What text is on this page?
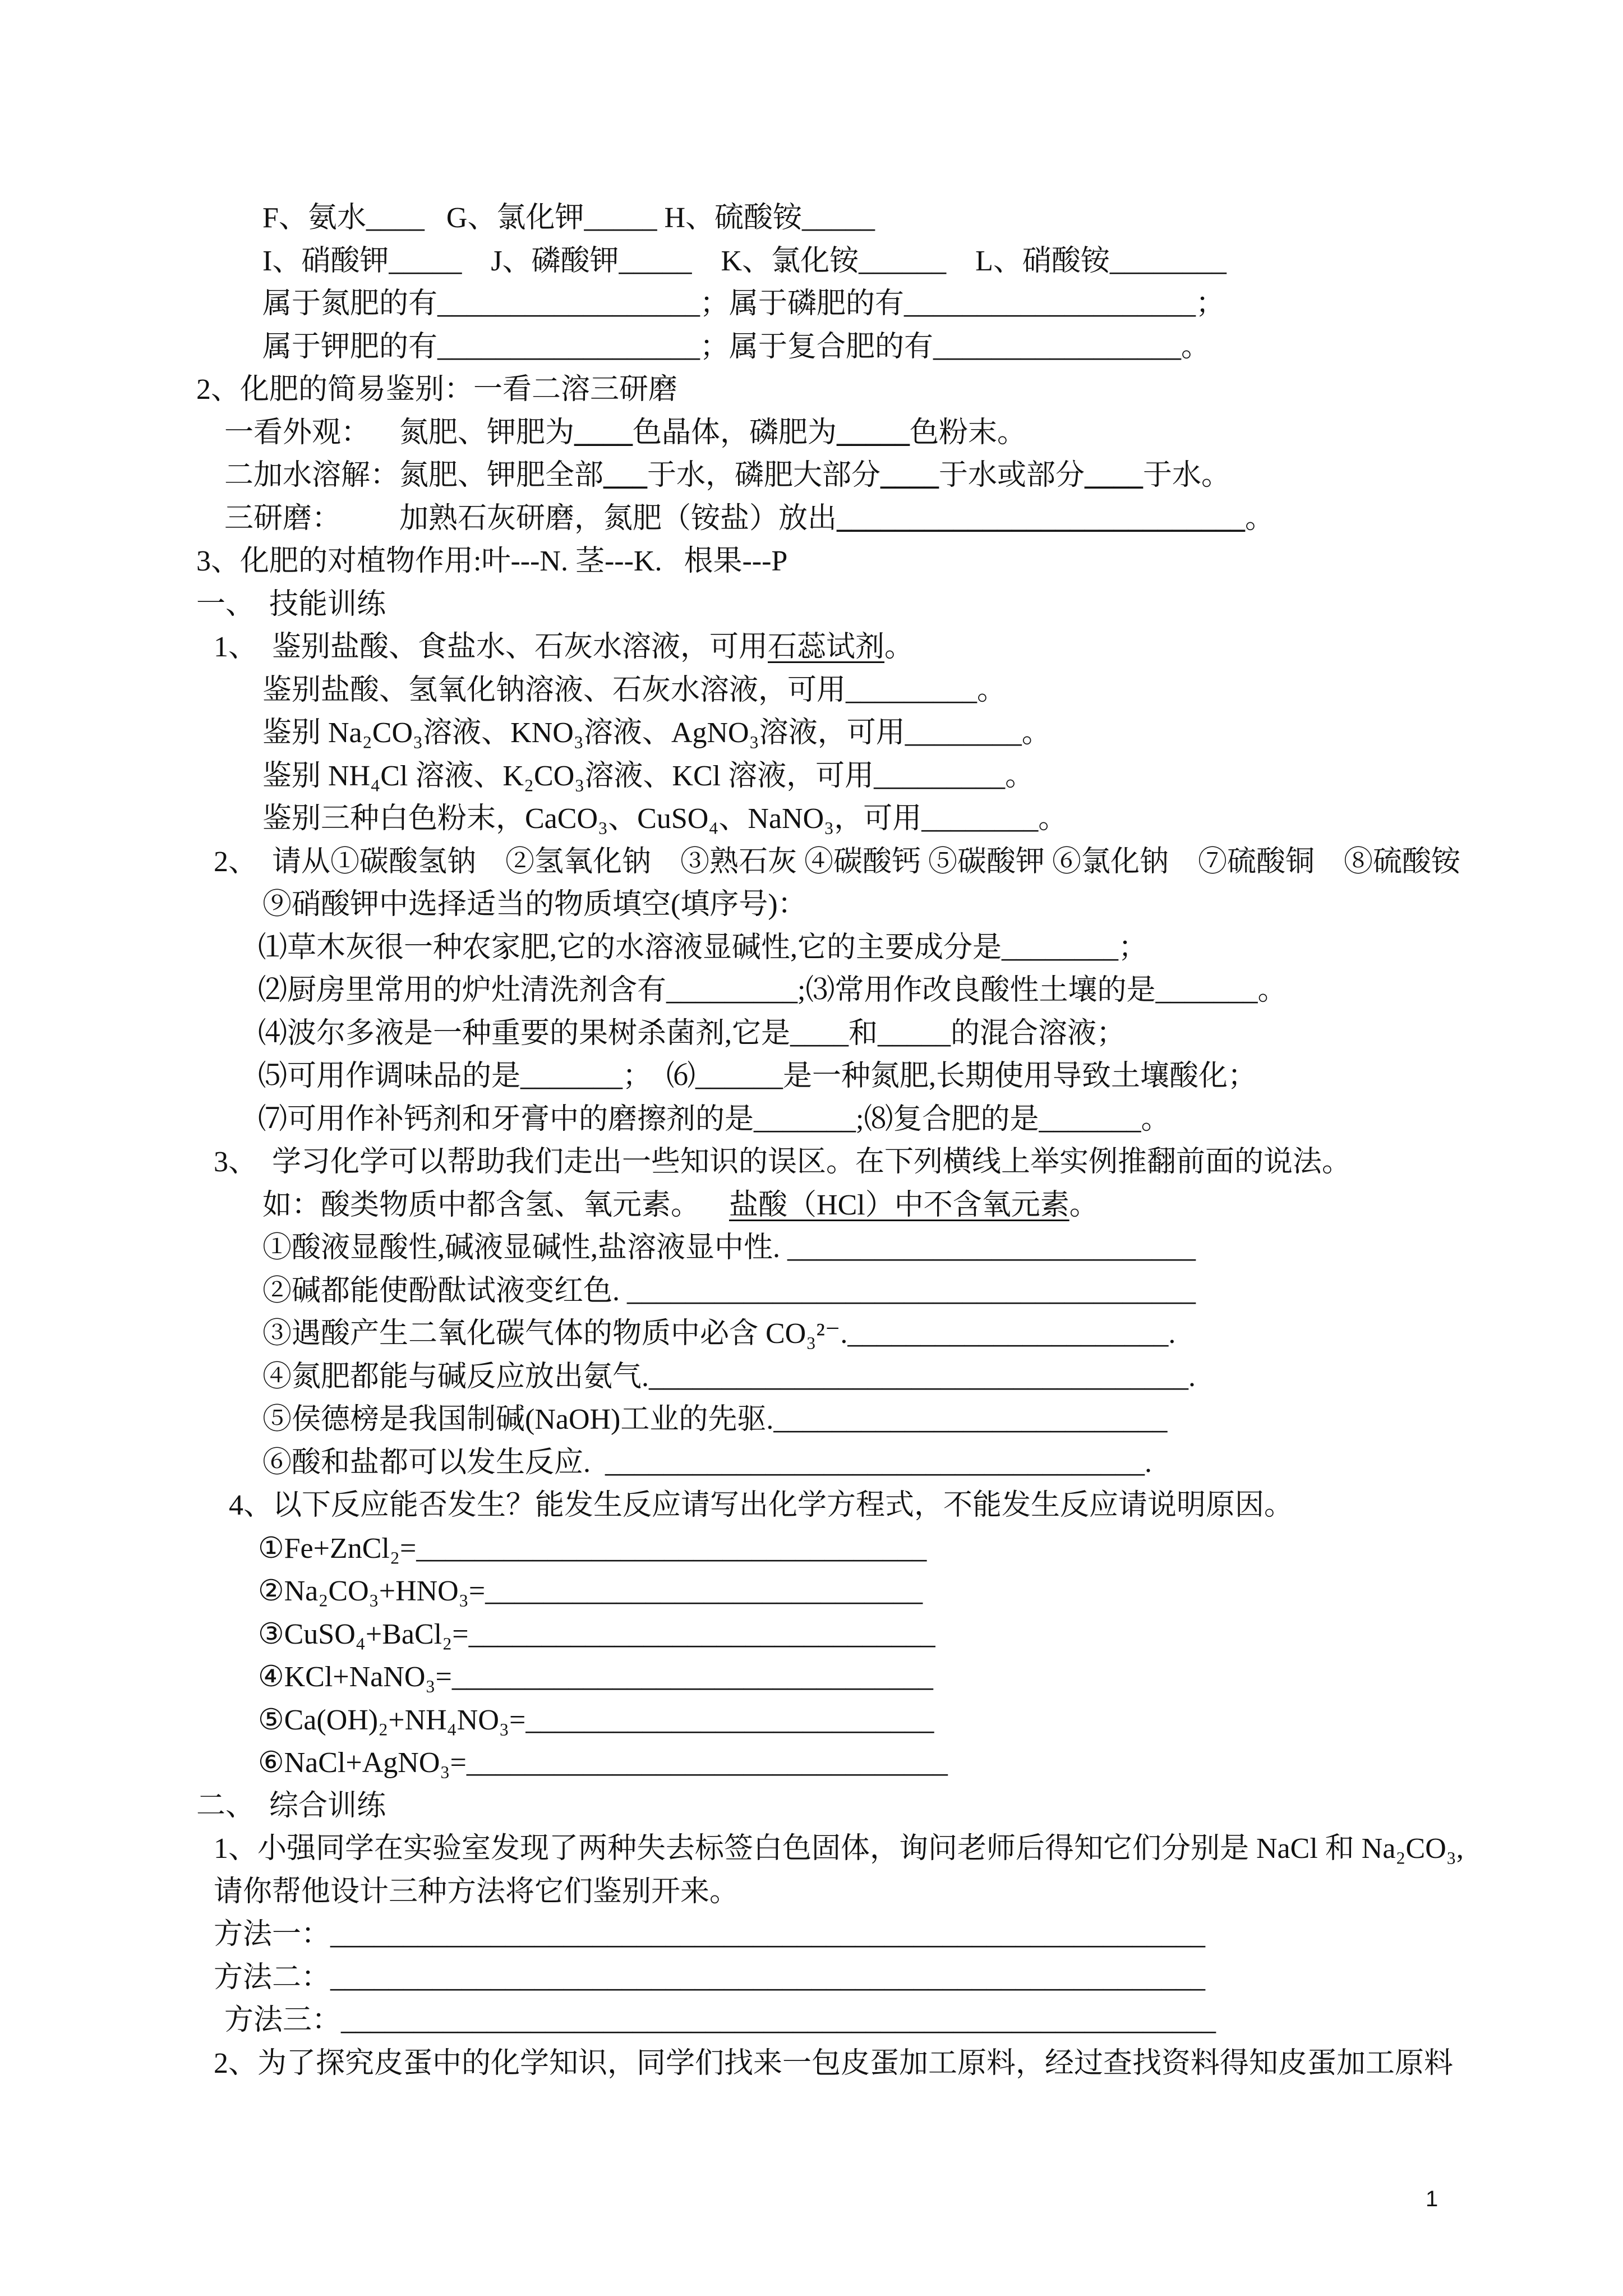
F、氨水____   G、氯化钾_____ H、硫酸铵_____
I、硝酸钾_____    J、磷酸钾_____    K、氯化铵______    L、硝酸铵________
属于氮肥的有__________________；属于磷肥的有____________________；
属于钾肥的有__________________；属于复合肥的有_________________。
2、化肥的简易鉴别：一看二溶三研磨
一看外观：    氮肥、钾肥为____色晶体，磷肥为_____色粉末。
二加水溶解：氮肥、钾肥全部___于水，磷肥大部分____于水或部分____于水。
三研磨：        加熟石灰研磨，氮肥（铵盐）放出____________________________。
3、化肥的对植物作用:叶---N. 茎---K.   根果---P
一、  技能训练
1、  鉴别盐酸、食盐水、石灰水溶液，可用石蕊试剂。
鉴别盐酸、氢氧化钠溶液、石灰水溶液，可用_________。
鉴别 Na₂CO₃溶液、KNO₃溶液、AgNO₃溶液，可用________。
鉴别 NH₄Cl 溶液、K₂CO₃溶液、KCl 溶液，可用_________。
鉴别三种白色粉末，CaCO₃、CuSO₄、NaNO₃，可用________。
2、  请从①碳酸氢钠    ②氢氧化钠    ③熟石灰 ④碳酸钙 ⑤碳酸钾 ⑥氯化钠    ⑦硫酸铜    ⑧硫酸铵
⑨硝酸钾中选择适当的物质填空(填序号)：
⑴草木灰很一种农家肥,它的水溶液显碱性,它的主要成分是________；
⑵厨房里常用的炉灶清洗剂含有_________;⑶常用作改良酸性土壤的是_______。
⑷波尔多液是一种重要的果树杀菌剂,它是____和_____的混合溶液；
⑸可用作调味品的是_______；  ⑹______是一种氮肥,长期使用导致土壤酸化；
⑺可用作补钙剂和牙膏中的磨擦剂的是_______;⑻复合肥的是_______。
3、  学习化学可以帮助我们走出一些知识的误区。在下列横线上举实例推翻前面的说法。
如：酸类物质中都含氢、氧元素。    盐酸（HCl）中不含氧元素。
①酸液显酸性,碱液显碱性,盐溶液显中性. ____________________________
②碱都能使酚酞试液变红色. _______________________________________
③遇酸产生二氧化碳气体的物质中必含 CO₃²⁻.______________________.
④氮肥都能与碱反应放出氨气._____________________________________.
⑤侯德榜是我国制碱(NaOH)工业的先驱.___________________________
⑥酸和盐都可以发生反应.  _____________________________________.
4、以下反应能否发生？能发生反应请写出化学方程式，不能发生反应请说明原因。
①Fe+ZnCl₂=___________________________________
②Na₂CO₃+HNO₃=______________________________
③CuSO₄+BaCl₂=________________________________
④KCl+NaNO₃=_________________________________
⑤Ca(OH)₂+NH₄NO₃=____________________________
⑥NaCl+AgNO₃=_________________________________
二、  综合训练
1、小强同学在实验室发现了两种失去标签白色固体，询问老师后得知它们分别是 NaCl 和 Na₂CO₃,
请你帮他设计三种方法将它们鉴别开来。
方法一：____________________________________________________________
方法二：____________________________________________________________
方法三：____________________________________________________________
2、为了探究皮蛋中的化学知识，同学们找来一包皮蛋加工原料，经过查找资料得知皮蛋加工原料
1
